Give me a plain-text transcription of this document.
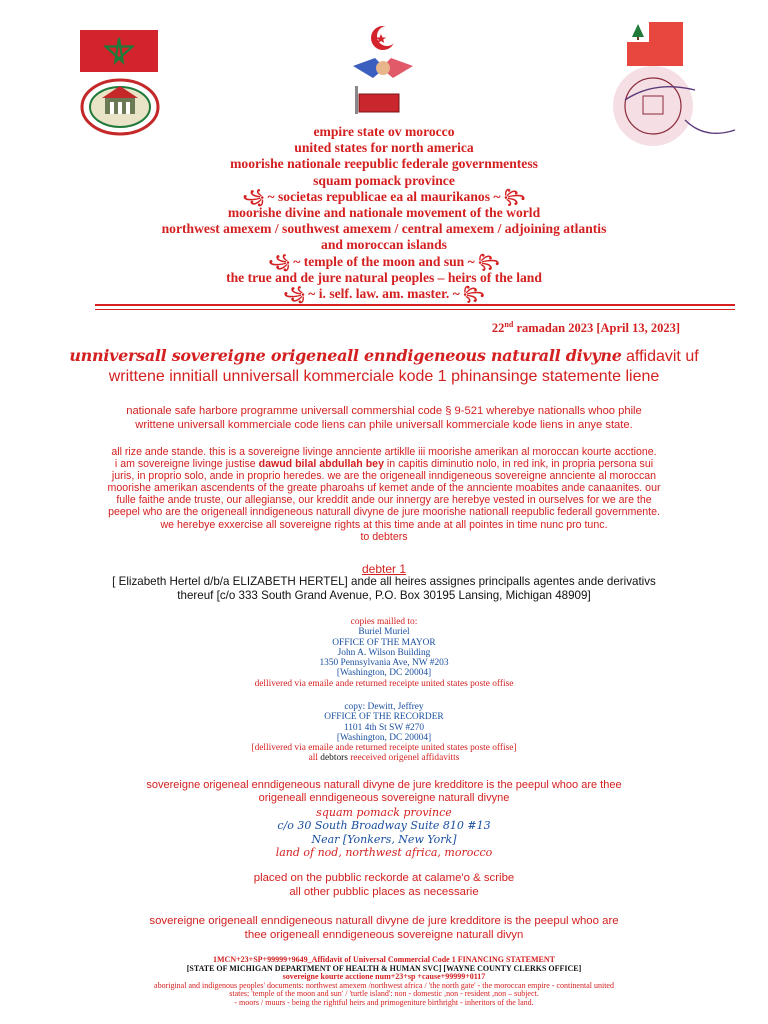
empire state ov morocco
united states for north america
moorishe nationale reepublic federale governmentess
squam pomack province
꧁ ~ societas republicae ea al maurikanos ~ ꧂
moorishe divine and nationale movement of the world
northwest amexem / southwest amexem / central amexem / adjoining atlantis
and moroccan islands
꧁ ~ temple of the moon and sun ~ ꧂
the true and de jure natural peoples – heirs of the land
꧁ ~ i. self. law. am. master. ~ ꧂
22nd ramadan 2023 [April 13, 2023]
unniversall sovereigne origeneall enndigeneous naturall divyne affidavit uf
writtene innitiall unniversall kommerciale kode 1 phinansinge statemente liene
nationale safe harbore programme universall commershial code § 9-521 wherebye nationalls whoo phile
writtene universall kommerciale code liens can phile universall kommerciale kode liens in anye state.
all rize ande stande. this is a sovereigne livinge annciente artiklle iii moorishe amerikan al moroccan kourte acctione.
i am sovereigne livinge justise dawud bilal abdullah bey in capitis diminutio nolo, in red ink, in propria persona sui
juris, in proprio solo, ande in proprio heredes. we are the origeneall inndigeneous sovereigne annciente al moroccan
moorishe amerikan ascendents of the greate pharoahs uf kemet ande of the annciente moabites ande canaanites. our
fulle faithe ande truste, our allegianse, our kreddit ande our innergy are herebye vested in ourselves for we are the
peepel who are the origeneall inndigeneous naturall divyne de jure moorishe nationall reepublic federall governmente.
we herebye exxercise all sovereigne rights at this time ande at all pointes in time nunc pro tunc.
to debters
debter 1
[ Elizabeth Hertel d/b/a ELIZABETH HERTEL] ande all heires assignes principalls agentes ande derivativs
thereuf [c/o 333 South Grand Avenue, P.O. Box 30195 Lansing, Michigan 48909]
copies mailled to:
Buriel Muriel
OFFICE OF THE MAYOR
John A. Wilson Building
1350 Pennsylvania Ave, NW #203
[Washington, DC 20004]
dellivered via emaile ande returned receipte united states poste offise
copy: Dewitt, Jeffrey
OFFICE OF THE RECORDER
1101 4th St SW #270
[Washington, DC 20004]
[dellivered via emaile ande returned receipte united states poste offise]
all debtors reeceived origenel affidavitts
sovereigne origeneal enndigeneous naturall divyne de jure kredditore is the peepul whoo are thee
origeneall enndigeneous sovereigne naturall divyne
squam pomack province
c/o 30 South Broadway Suite 810 #13
Near [Yonkers, New York]
land of nod, northwest africa, morocco
placed on the pubblic reckorde at calame'o & scribe
all other pubblic places as necessarie
sovereigne origeneall enndigeneous naturall divyne de jure kredditore is the peepul whoo are
thee origeneall enndigeneous sovereigne naturall divyn
1MCN+23+SP+99999+9649_Affidavit of Universal Commercial Code 1 FINANCING STATEMENT
[STATE OF MICHIGAN DEPARTMENT OF HEALTH & HUMAN SVC] [WAYNE COUNTY CLERKS OFFICE]
sovereigne kourte acctione num+23+sp +cause+99999+0117
aboriginal and indigenous peoples' documents: northwest amexem /northwest africa / 'the north gate' - the moroccan empire - continental united
states; 'temple of the moon and sun' / 'turtle island': non - domestic ,non - resident ,non – subject.
- moors / muurs - being the rightful heirs and primogeniture birthright - inheritors of the land.
